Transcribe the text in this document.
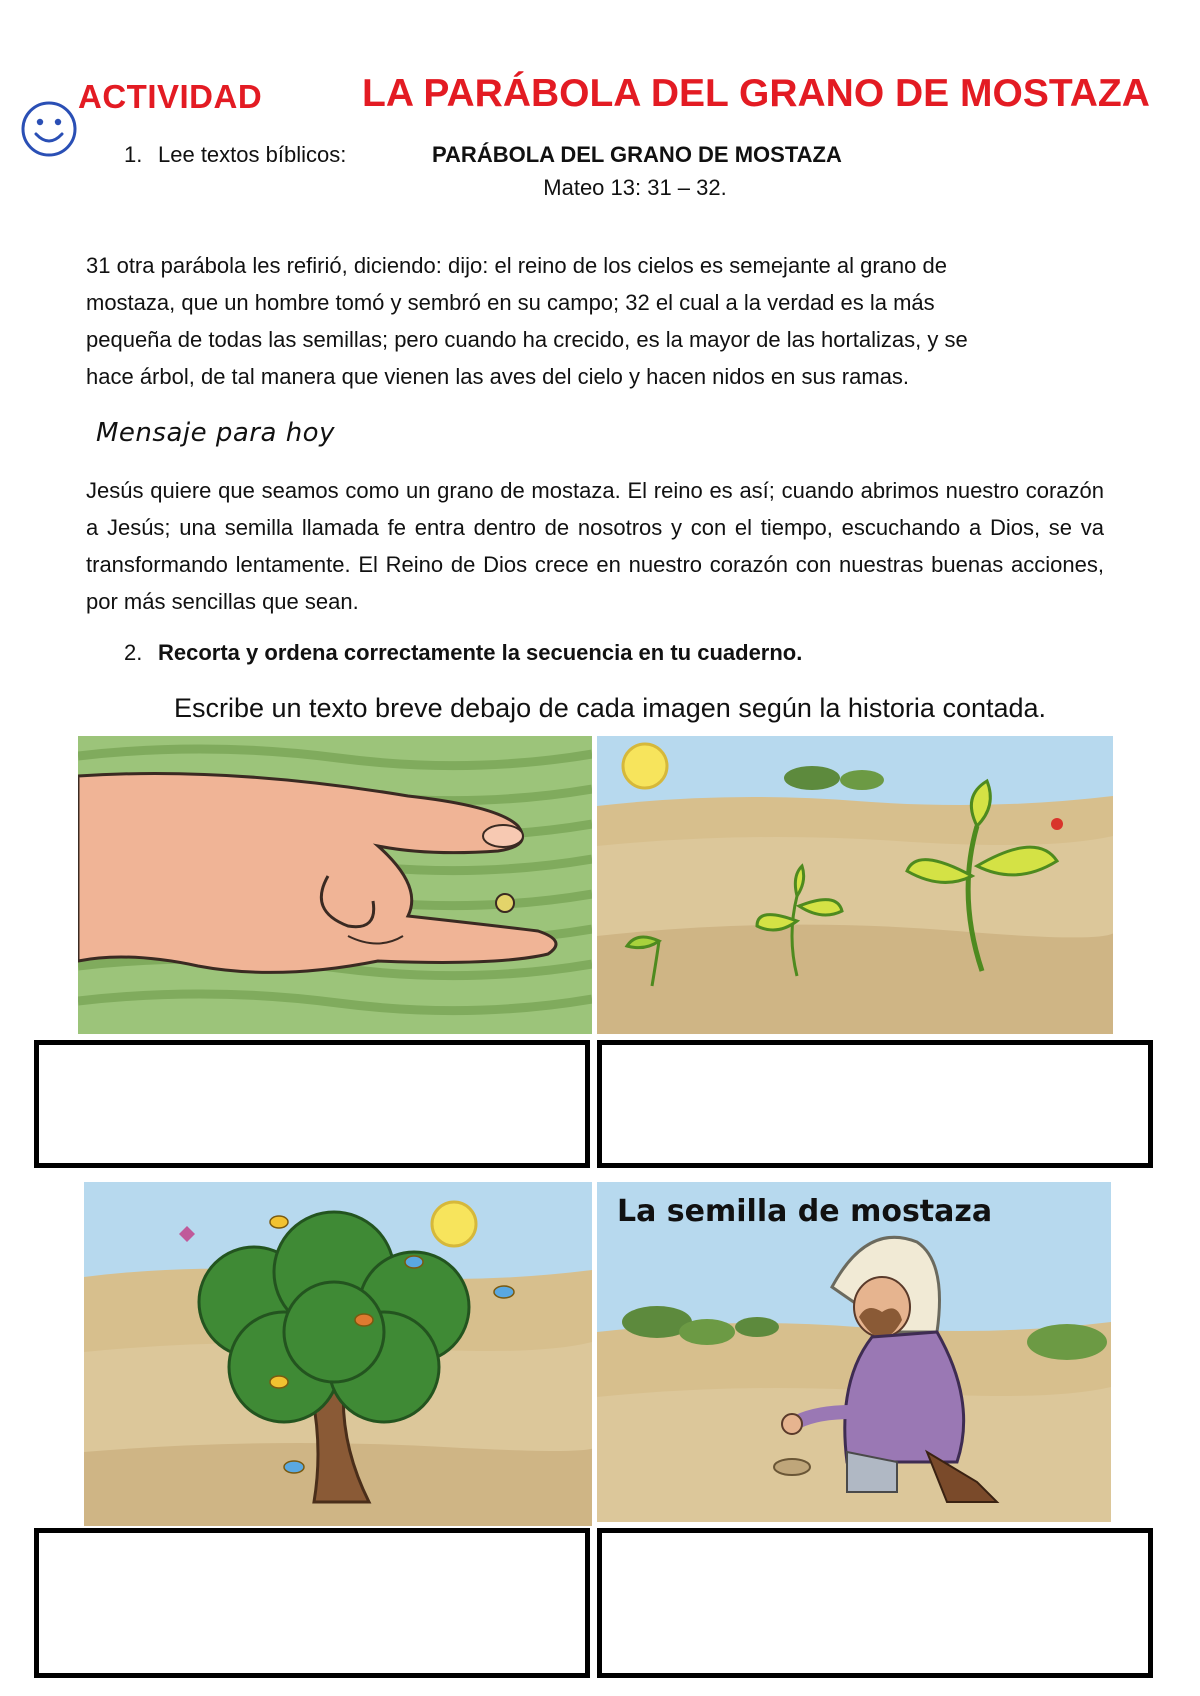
ACTIVIDAD	LA PARÁBOLA DEL GRANO DE MOSTAZA
1. Lee textos bíblicos:	PARÁBOLA DEL GRANO DE MOSTAZA
Mateo 13: 31 – 32.
31 otra parábola les refirió, diciendo: dijo: el reino de los cielos es semejante al grano de
mostaza, que un hombre tomó y sembró en su campo; 32 el cual a la verdad es la más
pequeña de todas las semillas; pero cuando ha crecido, es la mayor de las hortalizas, y se
hace árbol, de tal manera que vienen las aves del cielo y hacen nidos en sus ramas.
Mensaje para hoy
Jesús quiere que seamos como un grano de mostaza. El reino es así; cuando abrimos nuestro corazón a Jesús; una semilla llamada fe entra dentro de nosotros y con el tiempo, escuchando a Dios, se va transformando lentamente. El Reino de Dios crece en nuestro corazón con nuestras buenas acciones, por más sencillas que sean.
2. Recorta y ordena correctamente la secuencia en tu cuaderno.
Escribe un texto breve debajo de cada imagen según la historia contada.
La semilla de mostaza
